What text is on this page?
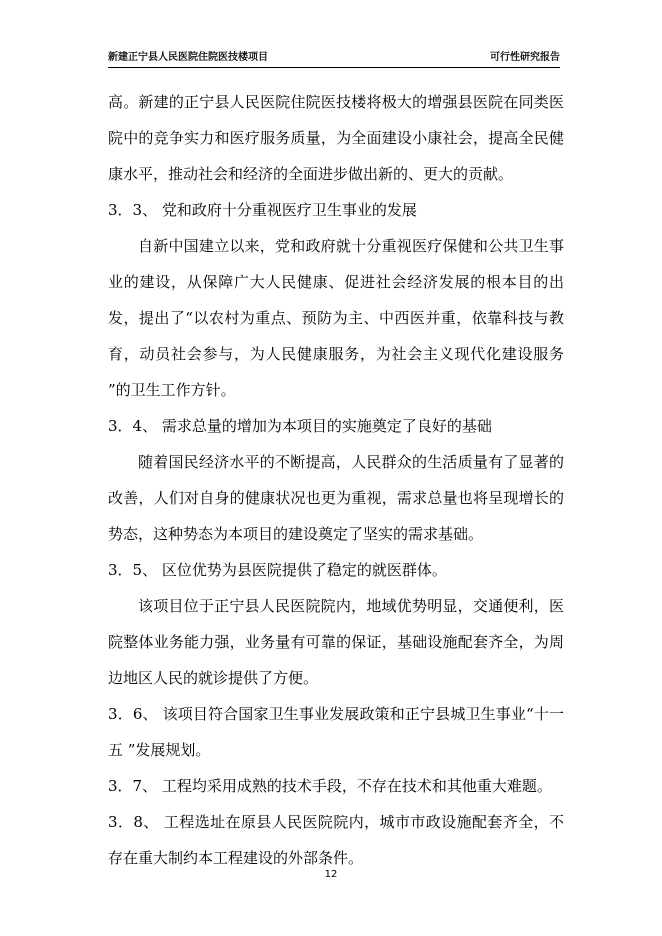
新建正宁县人民医院住院医技楼项目	可行性研究报告

高。新建的正宁县人民医院住院医技楼将极大的增强县医院在同类医院中的竞争实力和医疗服务质量，为全面建设小康社会，提高全民健康水平，推动社会和经济的全面进步做出新的、更大的贡献。

3．3、 党和政府十分重视医疗卫生事业的发展

自新中国建立以来，党和政府就十分重视医疗保健和公共卫生事业的建设，从保障广大人民健康、促进社会经济发展的根本目的出发，提出了“以农村为重点、预防为主、中西医并重，依靠科技与教育，动员社会参与，为人民健康服务，为社会主义现代化建设服务 ”的卫生工作方针。

3．4、 需求总量的增加为本项目的实施奠定了良好的基础

随着国民经济水平的不断提高，人民群众的生活质量有了显著的改善，人们对自身的健康状况也更为重视，需求总量也将呈现增长的势态，这种势态为本项目的建设奠定了坚实的需求基础。

3．5、 区位优势为县医院提供了稳定的就医群体。

该项目位于正宁县人民医院院内，地域优势明显，交通便利，医院整体业务能力强，业务量有可靠的保证，基础设施配套齐全，为周边地区人民的就诊提供了方便。

3．6、 该项目符合国家卫生事业发展政策和正宁县城卫生事业“十一五 ”发展规划。

3．7、 工程均采用成熟的技术手段，不存在技术和其他重大难题。

3．8、 工程选址在原县人民医院院内，城市市政设施配套齐全，不存在重大制约本工程建设的外部条件。

12
